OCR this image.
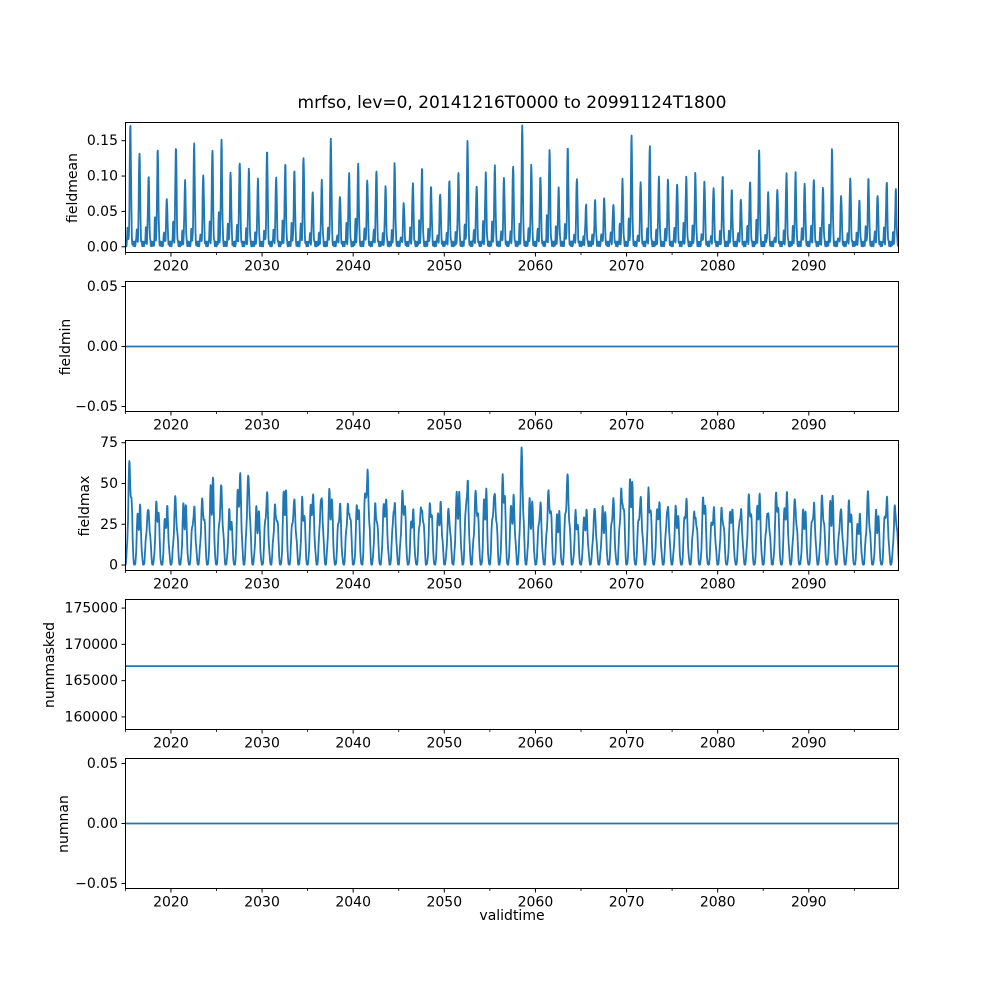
mrfso, lev=0, 20141216T0000 to 20991124T1800
2020	2030	2040	2050	2060	2070	2080	2090
0.00
0.05
0.10
0.15
2020	2030	2040	2050	2060	2070	2080	2090
−0.05
0.00
0.05
2020	2030	2040	2050	2060	2070	2080	2090
0
25
50
75
2020	2030	2040	2050	2060	2070	2080	2090
160000
165000
170000
175000
2020	2030	2040	2050	2060	2070	2080	2090
−0.05
0.00
0.05
fieldmean
fieldmin
fieldmax
nummasked
numnan
validtime
